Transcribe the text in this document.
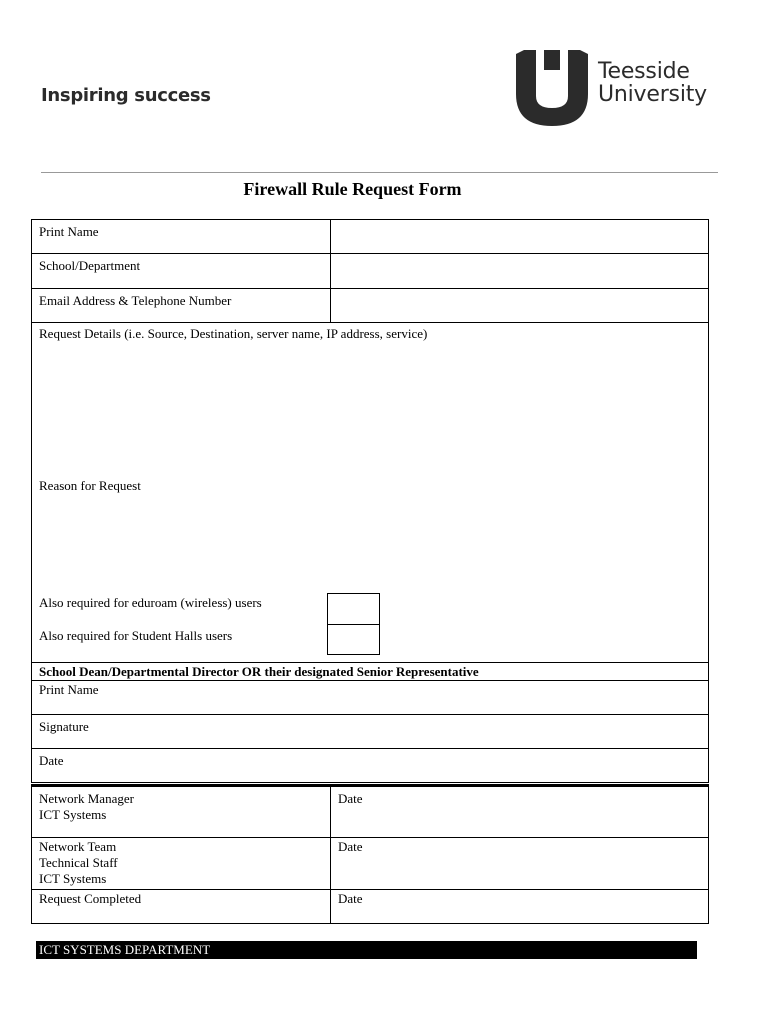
Inspiring success
Teesside
University
Firewall Rule Request Form
Print Name
School/Department
Email Address & Telephone Number
Request Details (i.e. Source, Destination, server name, IP address, service)
Reason for Request
Also required for eduroam (wireless) users
Also required for Student Halls users
School Dean/Departmental Director OR their designated Senior Representative
Print Name
Signature
Date
Network Manager
ICT Systems
Date
Network Team
Technical Staff
ICT Systems
Date
Request Completed	Date
ICT SYSTEMS DEPARTMENT
